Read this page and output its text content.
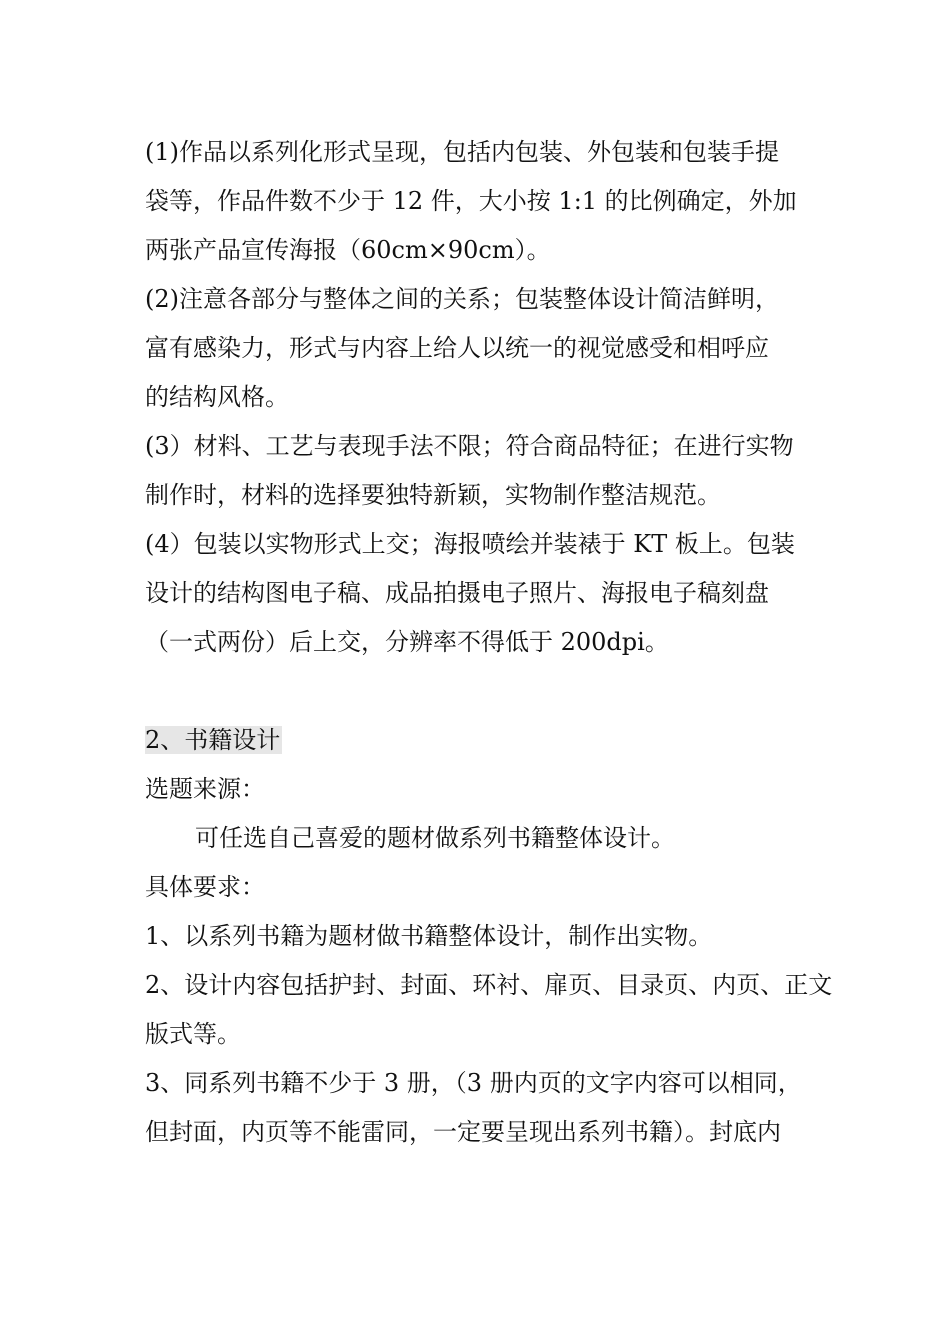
(1)作品以系列化形式呈现，包括内包装、外包装和包装手提
袋等，作品件数不少于 12 件，大小按 1:1 的比例确定，外加
两张产品宣传海报（60cm×90cm）。
(2)注意各部分与整体之间的关系；包装整体设计简洁鲜明，
富有感染力，形式与内容上给人以统一的视觉感受和相呼应
的结构风格。
(3）材料、工艺与表现手法不限；符合商品特征；在进行实物
制作时，材料的选择要独特新颖，实物制作整洁规范。
(4）包装以实物形式上交；海报喷绘并装裱于 KT 板上。包装
设计的结构图电子稿、成品拍摄电子照片、海报电子稿刻盘
（一式两份）后上交，分辨率不得低于 200dpi。
2、书籍设计
选题来源：
可任选自己喜爱的题材做系列书籍整体设计。
具体要求：
1、以系列书籍为题材做书籍整体设计，制作出实物。
2、设计内容包括护封、封面、环衬、扉页、目录页、内页、正文
版式等。
3、同系列书籍不少于 3 册，（3 册内页的文字内容可以相同，
但封面，内页等不能雷同，一定要呈现出系列书籍）。封底内
